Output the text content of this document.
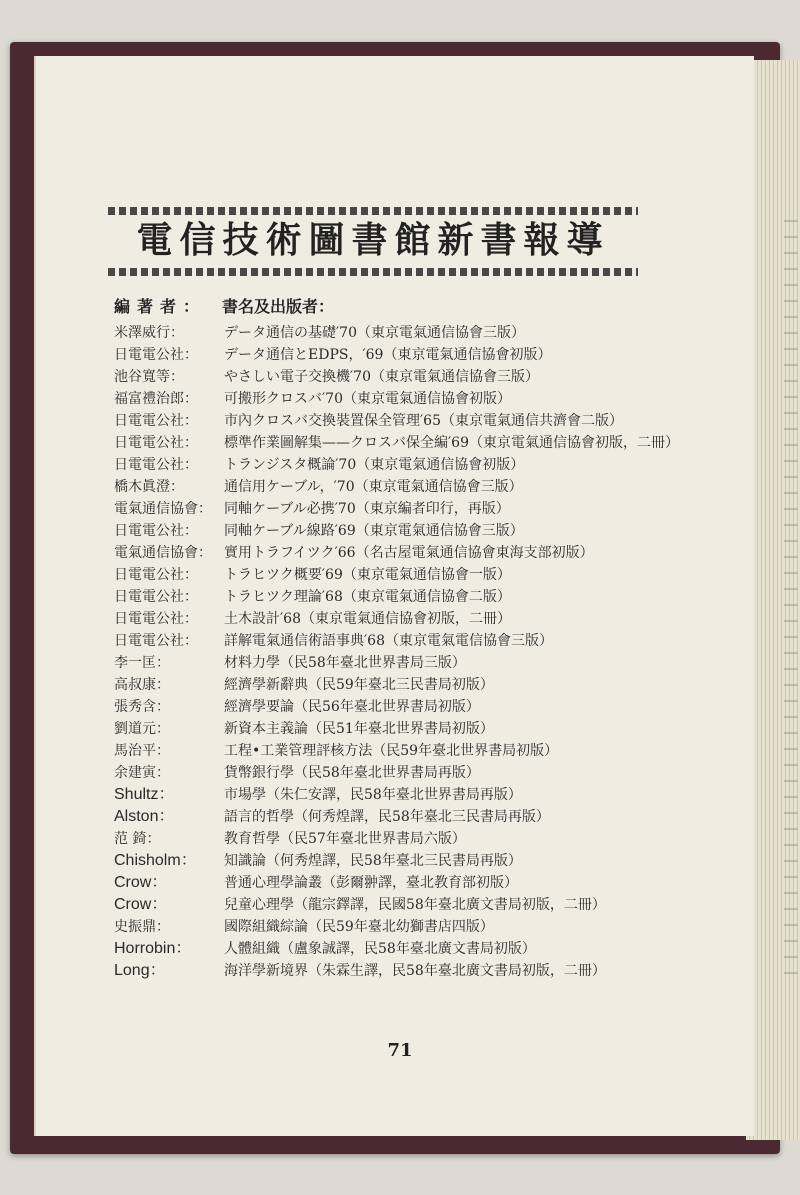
電信技術圖書館新書報導
編著者： 書名及出版者：
米澤威行：	データ通信の基礎′70（東京電氣通信協會三版）
日電電公社：	データ通信とEDPS，′69（東京電氣通信協會初版）
池谷寬等：	やさしい電子交換機′70（東京電氣通信協會三版）
福富禮治郎：	可搬形クロスバ′70（東京電氣通信協會初版）
日電電公社：	市內クロスバ交換裝置保全管理′65（東京電氣通信共濟會二版）
日電電公社：	標準作業圖解集——クロスバ保全編′69（東京電氣通信協會初版，二冊）
日電電公社：	トランジスタ概論′70（東京電氣通信協會初版）
橋木眞澄：	通信用ケーブル，′70（東京電氣通信協會三版）
電氣通信協會： 同軸ケーブル必携′70（東京編者印行，再版）
日電電公社：	同軸ケーブル線路′69（東京電氣通信協會三版）
電氣通信協會： 實用トラフイツク′66（名古屋電氣通信協會東海支部初版）
日電電公社：	トラヒツク概要′69（東京電氣通信協會一版）
日電電公社：	トラヒツク理論′68（東京電氣通信協會二版）
日電電公社：	土木設計′68（東京電氣通信協會初版，二冊）
日電電公社：	詳解電氣通信術語事典′68（東京電氣電信協會三版）
李一匡：	材料力學（民58年臺北世界書局三版）
高叔康：	經濟學新辭典（民59年臺北三民書局初版）
張秀含：	經濟學要論（民56年臺北世界書局初版）
劉道元：	新資本主義論（民51年臺北世界書局初版）
馬治平：	工程•工業管理評核方法（民59年臺北世界書局初版）
余建寅：	貨幣銀行學（民58年臺北世界書局再版）
Shultz：	市場學（朱仁安譯，民58年臺北世界書局再版）
Alston：	語言的哲學（何秀煌譯，民58年臺北三民書局再版）
范 錡：	教育哲學（民57年臺北世界書局六版）
Chisholm：	知識論（何秀煌譯，民58年臺北三民書局再版）
Crow：	普通心理學論叢（彭爾翀譯，臺北教育部初版）
Crow：	兒童心理學（龍宗鐸譯，民國58年臺北廣文書局初版，二冊）
史振鼎：	國際組織綜論（民59年臺北幼獅書店四版）
Horrobin：	人體組織（盧象誠譯，民58年臺北廣文書局初版）
Long：	海洋學新境界（朱霖生譯，民58年臺北廣文書局初版，二冊）

71
